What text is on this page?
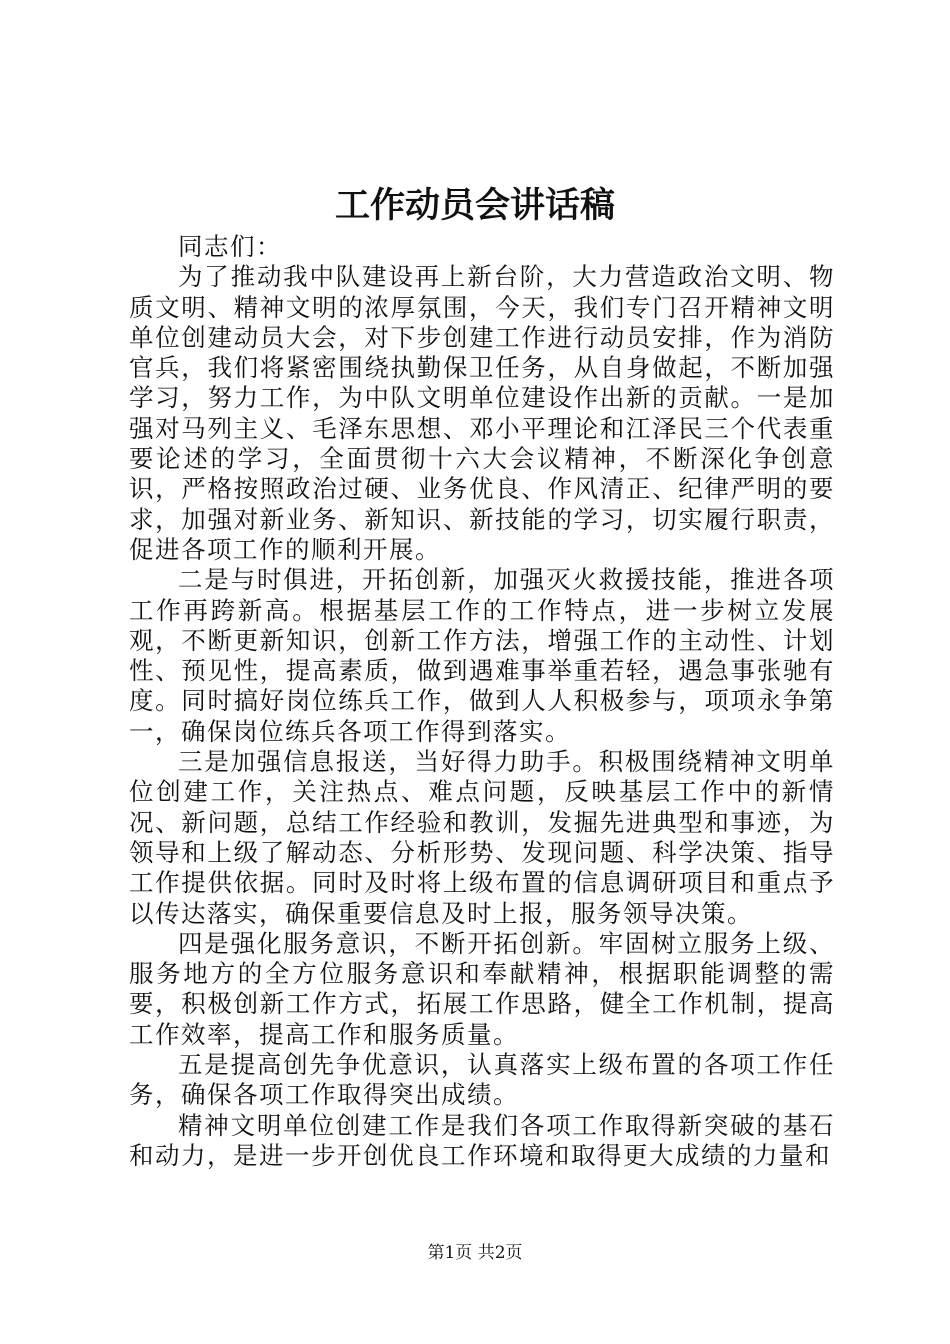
工作动员会讲话稿

同志们：

为了推动我中队建设再上新台阶，大力营造政治文明、物质文明、精神文明的浓厚氛围，今天，我们专门召开精神文明单位创建动员大会，对下步创建工作进行动员安排，作为消防官兵，我们将紧密围绕执勤保卫任务，从自身做起，不断加强学习，努力工作，为中队文明单位建设作出新的贡献。一是加强对马列主义、毛泽东思想、邓小平理论和江泽民三个代表重要论述的学习，全面贯彻十六大会议精神，不断深化争创意识，严格按照政治过硬、业务优良、作风清正、纪律严明的要求，加强对新业务、新知识、新技能的学习，切实履行职责，促进各项工作的顺利开展。

二是与时俱进，开拓创新，加强灭火救援技能，推进各项工作再跨新高。根据基层工作的工作特点，进一步树立发展观，不断更新知识，创新工作方法，增强工作的主动性、计划性、预见性，提高素质，做到遇难事举重若轻，遇急事张驰有度。同时搞好岗位练兵工作，做到人人积极参与，项项永争第一，确保岗位练兵各项工作得到落实。

三是加强信息报送，当好得力助手。积极围绕精神文明单位创建工作，关注热点、难点问题，反映基层工作中的新情况、新问题，总结工作经验和教训，发掘先进典型和事迹，为领导和上级了解动态、分析形势、发现问题、科学决策、指导工作提供依据。同时及时将上级布置的信息调研项目和重点予以传达落实，确保重要信息及时上报，服务领导决策。

四是强化服务意识，不断开拓创新。牢固树立服务上级、服务地方的全方位服务意识和奉献精神，根据职能调整的需要，积极创新工作方式，拓展工作思路，健全工作机制，提高工作效率，提高工作和服务质量。

五是提高创先争优意识，认真落实上级布置的各项工作任务，确保各项工作取得突出成绩。

精神文明单位创建工作是我们各项工作取得新突破的基石和动力，是进一步开创优良工作环境和取得更大成绩的力量和

第1页 共2页
